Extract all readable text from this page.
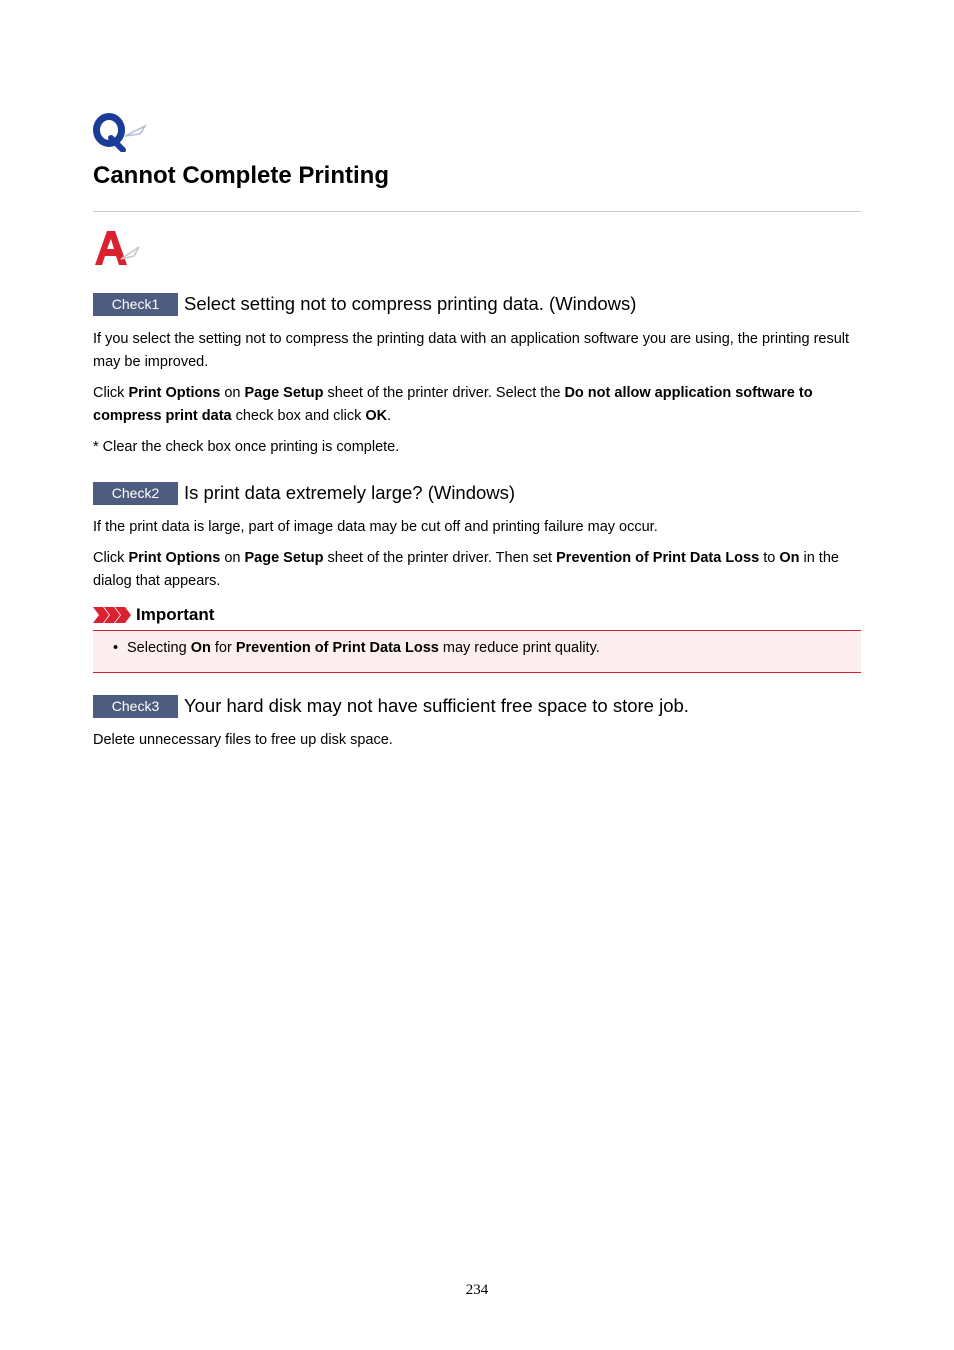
Cannot Complete Printing
Check1	Select setting not to compress printing data. (Windows)

If you select the setting not to compress the printing data with an application software you are using, the printing result may be improved.

Click Print Options on Page Setup sheet of the printer driver. Select the Do not allow application software to compress print data check box and click OK.

* Clear the check box once printing is complete.

Check2	Is print data extremely large? (Windows)

If the print data is large, part of image data may be cut off and printing failure may occur.

Click Print Options on Page Setup sheet of the printer driver. Then set Prevention of Print Data Loss to On in the dialog that appears.

Important

• Selecting On for Prevention of Print Data Loss may reduce print quality.

Check3	Your hard disk may not have sufficient free space to store job.

Delete unnecessary files to free up disk space.

234
